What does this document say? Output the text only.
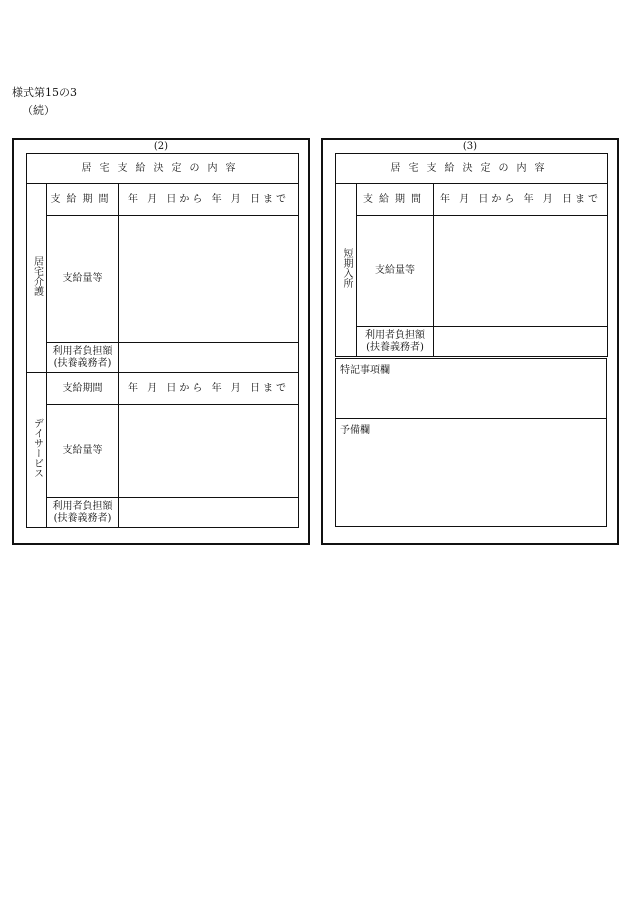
様式第15の3
（続）
(2)
居宅支給決定の内容		
居宅介護	支給期間	年 月 日から 年 月 日まで
	支給量等	

	利用者負担額
(扶養義務者)	

デイサービス	支給期間	年 月 日から 年 月 日まで
	支給量等	

	利用者負担額
(扶養義務者)	

(3)
居宅支給決定の内容		
短期入所	支給期間	年 月 日から 年 月 日まで
	支給量等	

	利用者負担額
(扶養義務者)	

特記事項欄
予備欄
